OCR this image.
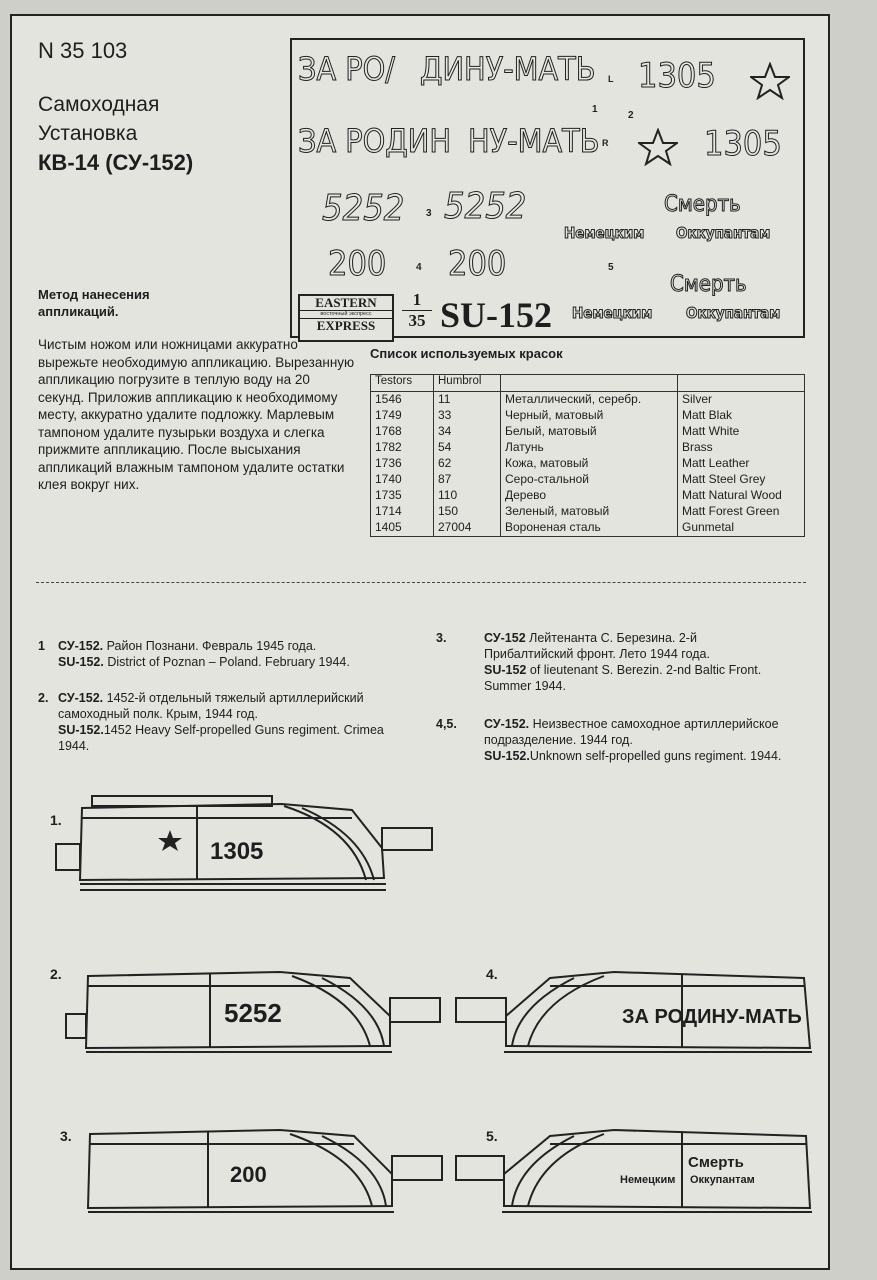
N 35 103
Самоходная
Установка
КВ-14 (СУ-152)
ЗА РО/ ДИНУ-МАТЬ L 1305
1
2
ЗА РОДИН НУ-МАТЬ R	1305
5252 3 5252
200	4 200
Смерть
Немецким Оккупантам
5
Смерть
Немецким Оккупантам
EASTERN
восточный экспресс
EXPRESS	$\frac{1}{35} SU-152$
Метод нанесения аппликаций.
Чистым ножом или ножницами аккуратно вырежьте необходимую аппликацию. Вырезанную аппликацию погрузите в теплую воду на 20 секунд. Приложив аппликацию к необходимому месту, аккуратно удалите подложку. Марлевым тампоном удалите пузырьки воздуха и слегка прижмите аппликацию. После высыхания аппликаций влажным тампоном удалите остатки клея вокруг них.
Список используемых красок
Testors	Humbrol		
1546	11	Металлический, серебр.	Silver
1749	33	Черный, матовый	Matt Blak
1768	34	Белый, матовый	Matt White
1782	54	Латунь	Brass
1736	62	Кожа, матовый	Matt Leather
1740	87	Серо-стальной	Matt Steel Grey
1735	110	Дерево	Matt Natural Wood
1714	150	Зеленый, матовый	Matt Forest Green
1405	27004	Вороненая сталь	Gunmetal
1 СУ-152. Район Познани. Февраль 1945 года.
SU-152. District of Poznan – Poland. February 1944.
2. СУ-152. 1452-й отдельный тяжелый артиллерийский самоходный полк. Крым, 1944 год.
SU-152.1452 Heavy Self-propelled Guns regiment. Crimea 1944.
3.	СУ-152 Лейтенанта С. Березина. 2-й Прибалтийский фронт. Лето 1944 года.
SU-152 of lieutenant S. Berezin. 2-nd Baltic Front. Summer 1944.
4,5. СУ-152. Неизвестное самоходное артиллерийское подразделение. 1944 год.
SU-152.Unknown self-propelled guns regiment. 1944.
1.
2.	4.
3.	5.
1305
5252	ЗА РОДИНУ-МАТЬ
200	Смерть
Немецким Оккупантам
